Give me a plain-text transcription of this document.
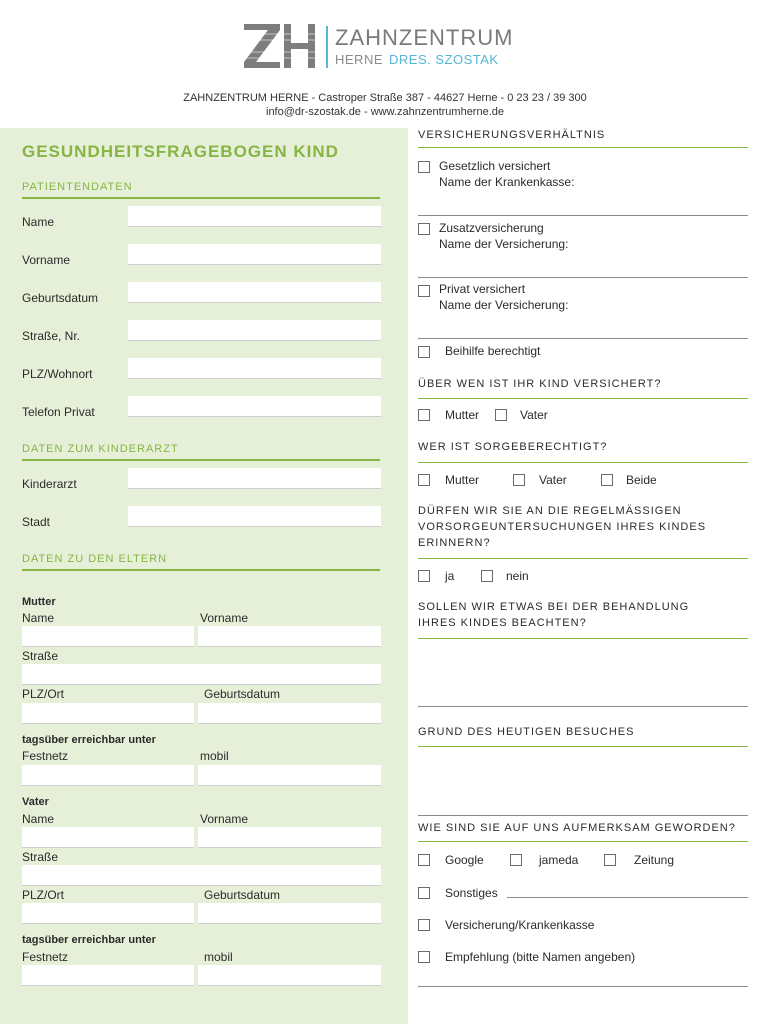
ZAHNZENTRUM
HERNE DRES. SZOSTAK
ZAHNZENTRUM HERNE - Castroper Straße 387 - 44627 Herne - 0 23 23 / 39 300
info@dr-szostak.de - www.zahnzentrumherne.de
GESUNDHEITSFRAGEBOGEN KIND
PATIENTENDATEN
Name
Vorname
Geburtsdatum
Straße, Nr.
PLZ/Wohnort
Telefon Privat
DATEN ZUM KINDERARZT
Kinderarzt
Stadt
DATEN ZU DEN ELTERN
Mutter
Name	Vorname
Straße
PLZ/Ort	Geburtsdatum
tagsüber erreichbar unter
Festnetz	mobil
Vater
Name	Vorname
Straße
PLZ/Ort	Geburtsdatum
tagsüber erreichbar unter
Festnetz	mobil
VERSICHERUNGSVERHÄLTNIS
Gesetzlich versichert
Name der Krankenkasse:
Zusatzversicherung
Name der Versicherung:
Privat versichert
Name der Versicherung:
Beihilfe berechtigt
ÜBER WEN IST IHR KIND VERSICHERT?
Mutter	Vater
WER IST SORGEBERECHTIGT?
Mutter	Vater	Beide
DÜRFEN WIR SIE AN DIE REGELMÄSSIGEN
VORSORGEUNTERSUCHUNGEN IHRES KINDES
ERINNERN?
ja	nein
SOLLEN WIR ETWAS BEI DER BEHANDLUNG
IHRES KINDES BEACHTEN?
GRUND DES HEUTIGEN BESUCHES
WIE SIND SIE AUF UNS AUFMERKSAM GEWORDEN?
Google	jameda	Zeitung
Sonstiges
Versicherung/Krankenkasse
Empfehlung (bitte Namen angeben)
